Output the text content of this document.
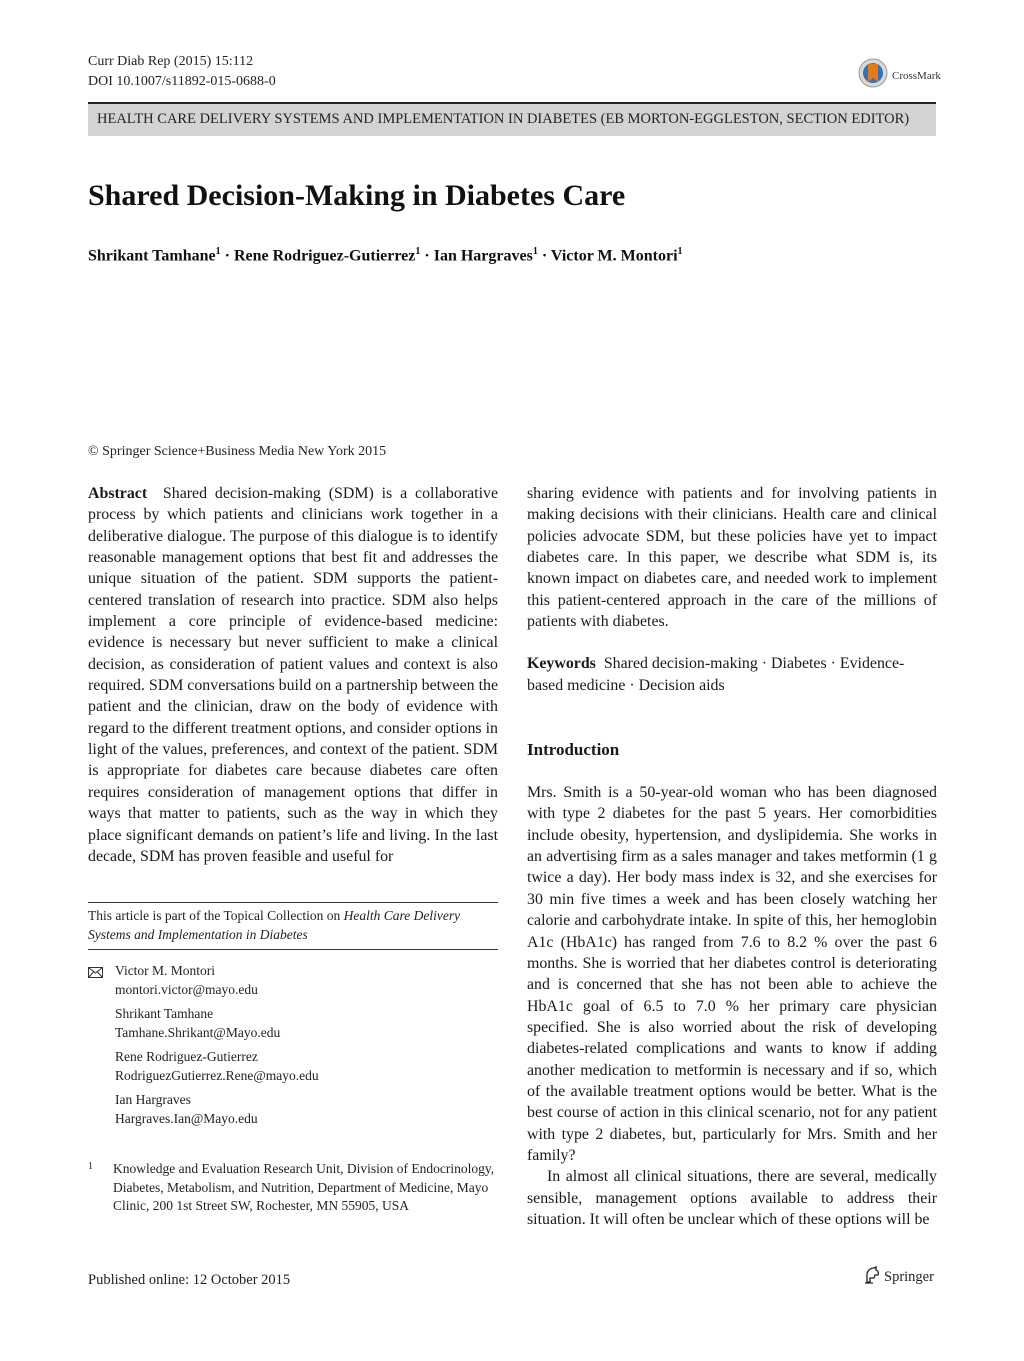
Curr Diab Rep (2015) 15:112
DOI 10.1007/s11892-015-0688-0	CrossMark
HEALTH CARE DELIVERY SYSTEMS AND IMPLEMENTATION IN DIABETES (EB MORTON-EGGLESTON, SECTION EDITOR)
Shared Decision-Making in Diabetes Care
Shrikant Tamhane$^1$ · Rene Rodriguez-Gutierrez$^1$ · Ian Hargraves$^1$ · Victor M. Montori$^1$
© Springer Science+Business Media New York 2015

Abstract Shared decision-making (SDM) is a collaborative process by which patients and clinicians work together in a deliberative dialogue. The purpose of this dialogue is to identify reasonable management options that best fit and addresses the unique situation of the patient. SDM supports the patient-centered translation of research into practice. SDM also helps implement a core principle of evidence-based medicine: evidence is necessary but never sufficient to make a clinical decision, as consideration of patient values and context is also required. SDM conversations build on a partnership between the patient and the clinician, draw on the body of evidence with regard to the different treatment options, and consider options in light of the values, preferences, and context of the patient. SDM is appropriate for diabetes care because diabetes care often requires consideration of management options that differ in ways that matter to patients, such as the way in which they place significant demands on patient’s life and living. In the last decade, SDM has proven feasible and useful for

sharing evidence with patients and for involving patients in making decisions with their clinicians. Health care and clinical policies advocate SDM, but these policies have yet to impact diabetes care. In this paper, we describe what SDM is, its known impact on diabetes care, and needed work to implement this patient-centered approach in the care of the millions of patients with diabetes.

Keywords Shared decision-making · Diabetes · Evidence-based medicine · Decision aids

Introduction

Mrs. Smith is a 50-year-old woman who has been diagnosed with type 2 diabetes for the past 5 years. Her comorbidities include obesity, hypertension, and dyslipidemia. She works in an advertising firm as a sales manager and takes metformin (1 g twice a day). Her body mass index is 32, and she exercises for 30 min five times a week and has been closely watching her calorie and carbohydrate intake. In spite of this, her hemoglobin A1c (HbA1c) has ranged from 7.6 to 8.2 % over the past 6 months. She is worried that her diabetes control is deteriorating and is concerned that she has not been able to achieve the HbA1c goal of 6.5 to 7.0 % her primary care physician specified. She is also worried about the risk of developing diabetes-related complications and wants to know if adding another medication to metformin is necessary and if so, which of the available treatment options would be better. What is the best course of action in this clinical scenario, not for any patient with type 2 diabetes, but, particularly for Mrs. Smith and her family?

In almost all clinical situations, there are several, medically sensible, management options available to address their situation. It will often be unclear which of these options will be

This article is part of the Topical Collection on Health Care Delivery Systems and Implementation in Diabetes
Victor M. Montori
montori.victor@mayo.edu
Shrikant Tamhane
Tamhane.Shrikant@Mayo.edu
Rene Rodriguez-Gutierrez
RodriguezGutierrez.Rene@mayo.edu
Ian Hargraves
Hargraves.Ian@Mayo.edu
1 Knowledge and Evaluation Research Unit, Division of Endocrinology, Diabetes, Metabolism, and Nutrition, Department of Medicine, Mayo Clinic, 200 1st Street SW, Rochester, MN 55905, USA
Published online: 12 October 2015	Springer
